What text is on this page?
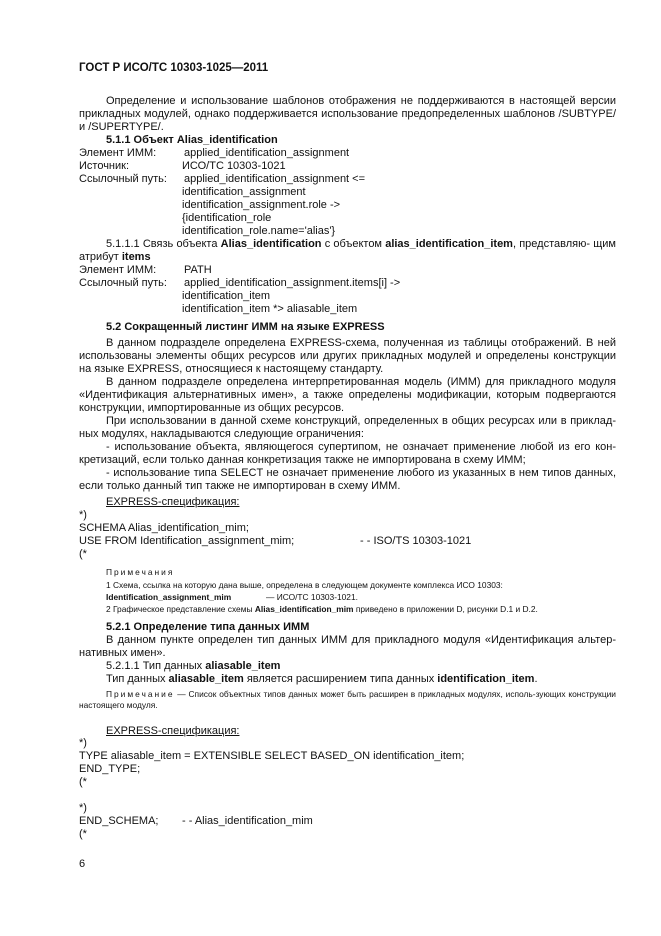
ГОСТ Р ИСО/ТС 10303-1025—2011
Определение и использование шаблонов отображения не поддерживаются в настоящей версии прикладных модулей, однако поддерживается использование предопределенных шаблонов /SUBTYPE/ и /SUPERTYPE/.
5.1.1 Объект Alias_identification
Элемент ИММ:	applied_identification_assignment
Источник:	ИСО/ТС 10303-1021
Ссылочный путь: applied_identification_assignment <=
identification_assignment
identification_assignment.role ->
{identification_role
identification_role.name='alias'}
5.1.1.1 Связь объекта Alias_identification с объектом alias_identification_item, представляю- щим атрибут items
Элемент ИММ:	PATH
Ссылочный путь: applied_identification_assignment.items[i] ->
identification_item
identification_item *> aliasable_item
5.2 Сокращенный листинг ИММ на языке EXPRESS
В данном подразделе определена EXPRESS-схема, полученная из таблицы отображений. В ней использованы элементы общих ресурсов или других прикладных модулей и определены конструкции на языке EXPRESS, относящиеся к настоящему стандарту.
В данном подразделе определена интерпретированная модель (ИММ) для прикладного модуля «Идентификация альтернативных имен», а также определены модификации, которым подвергаются конструкции, импортированные из общих ресурсов.
При использовании в данной схеме конструкций, определенных в общих ресурсах или в приклад-ных модулях, накладываются следующие ограничения:
- использование объекта, являющегося супертипом, не означает применение любой из его кон-кретизаций, если только данная конкретизация также не импортирована в схему ИММ;
- использование типа SELECT не означает применение любого из указанных в нем типов данных, если только данный тип также не импортирован в схему ИММ.
EXPRESS-спецификация:
*)
SCHEMA Alias_identification_mim;
USE FROM Identification_assignment_mim;	- - ISO/TS 10303-1021
(*
Примечания
1 Схема, ссылка на которую дана выше, определена в следующем документе комплекса ИСО 10303:
Identification_assignment_mim	— ИСО/ТС 10303-1021.
2 Графическое представление схемы Alias_identification_mim приведено в приложении D, рисунки D.1 и D.2.
5.2.1 Определение типа данных ИММ
В данном пункте определен тип данных ИММ для прикладного модуля «Идентификация альтер-нативных имен».
5.2.1.1 Тип данных aliasable_item
Тип данных aliasable_item является расширением типа данных identification_item.
Примечание — Список объектных типов данных может быть расширен в прикладных модулях, исполь-зующих конструкции настоящего модуля.
EXPRESS-спецификация:
*)
TYPE aliasable_item = EXTENSIBLE SELECT BASED_ON identification_item;
END_TYPE;
(*
*)
END_SCHEMA; - - Alias_identification_mim
(*
6
